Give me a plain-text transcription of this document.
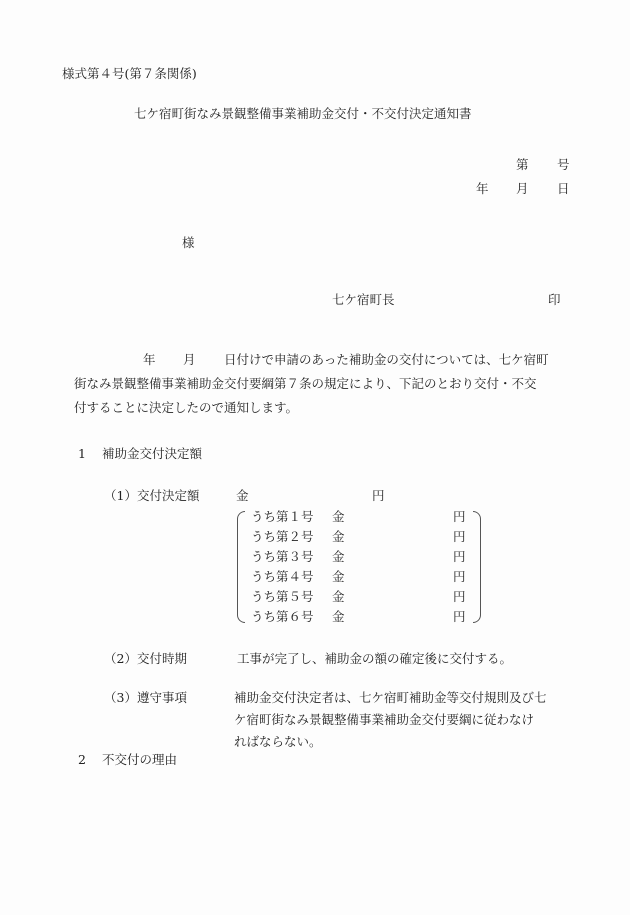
様式第４号(第７条関係)
七ケ宿町街なみ景観整備事業補助金交付・不交付決定通知書
第 号
年 月 日
様
七ケ宿町長	印
年 月 日付けで申請のあった補助金の交付については、七ケ宿町
街なみ景観整備事業補助金交付要綱第７条の規定により、下記のとおり交付・不交
付することに決定したので通知します。
1 補助金交付決定額
（1）交付決定額	金	円
うち第１号 金	円
うち第２号 金	円
うち第３号 金	円
うち第４号 金	円
うち第５号 金	円
うち第６号 金	円
（2）交付時期	工事が完了し、補助金の額の確定後に交付する。
（3）遵守事項	補助金交付決定者は、七ケ宿町補助金等交付規則及び七
ケ宿町街なみ景観整備事業補助金交付要綱に従わなけ
ればならない。
2 不交付の理由
